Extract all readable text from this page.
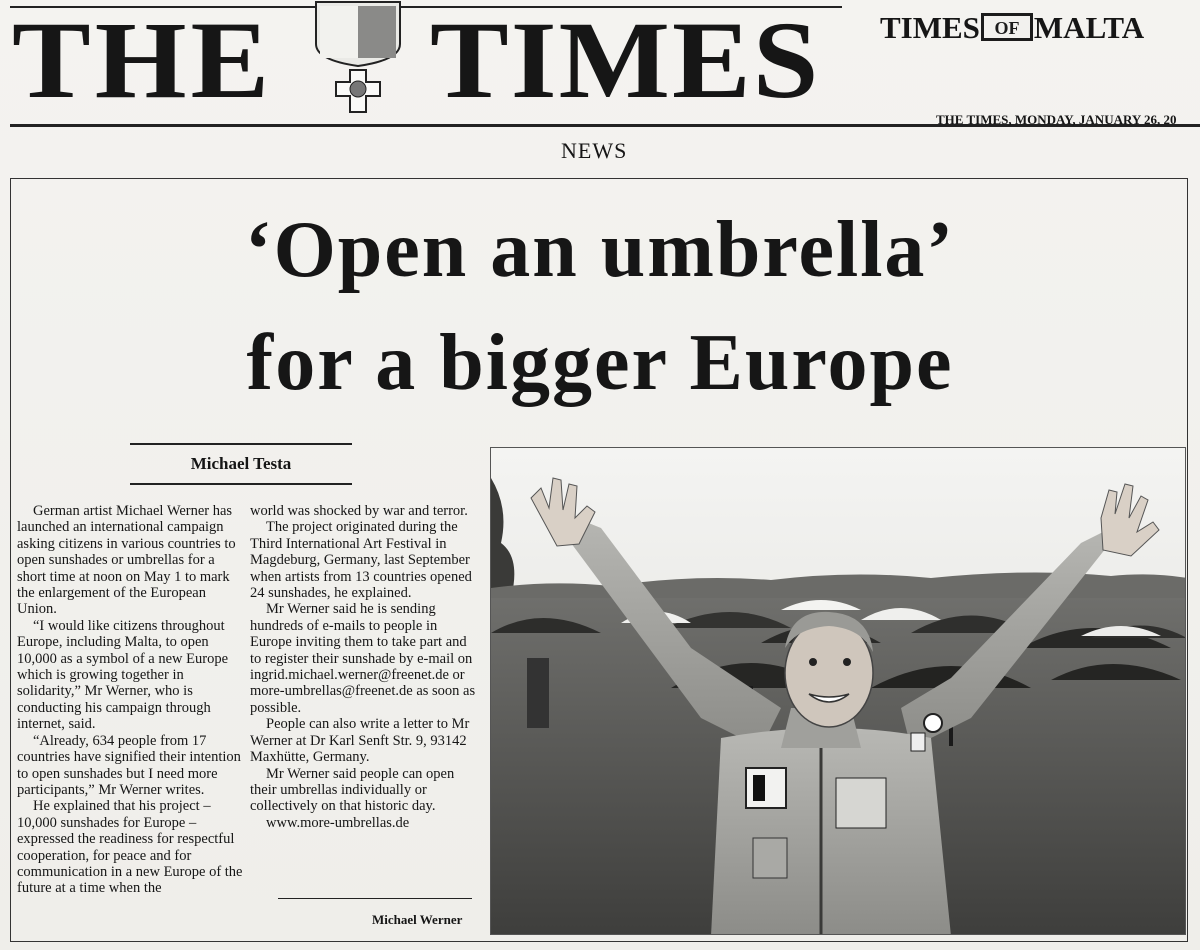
THE TIMES TIMES OF MALTA
THE TIMES, MONDAY, JANUARY 26, 20
NEWS
‘Open an umbrella’
for a bigger Europe
Michael Testa

German artist Michael Werner has launched an international campaign asking citizens in various countries to open sunshades or umbrellas for a short time at noon on May 1 to mark the enlargement of the European Union.

“I would like citizens throughout Europe, including Malta, to open 10,000 as a symbol of a new Europe which is growing together in solidarity,” Mr Werner, who is conducting his campaign through internet, said.

“Already, 634 people from 17 countries have signified their intention to open sunshades but I need more participants,” Mr Werner writes.

He explained that his project – 10,000 sunshades for Europe – expressed the readiness for respectful cooperation, for peace and for communication in a new Europe of the future at a time when the

world was shocked by war and terror.

The project originated during the Third International Art Festival in Magdeburg, Germany, last September when artists from 13 countries opened 24 sunshades, he explained.

Mr Werner said he is sending hundreds of e-mails to people in Europe inviting them to take part and to register their sunshade by e-mail on ingrid.michael.werner@freenet.de or more-umbrellas@freenet.de as soon as possible.

People can also write a letter to Mr Werner at Dr Karl Senft Str. 9, 93142 Maxhütte, Germany.

Mr Werner said people can open their umbrellas individually or collectively on that historic day.

www.more-umbrellas.de

Michael Werner
